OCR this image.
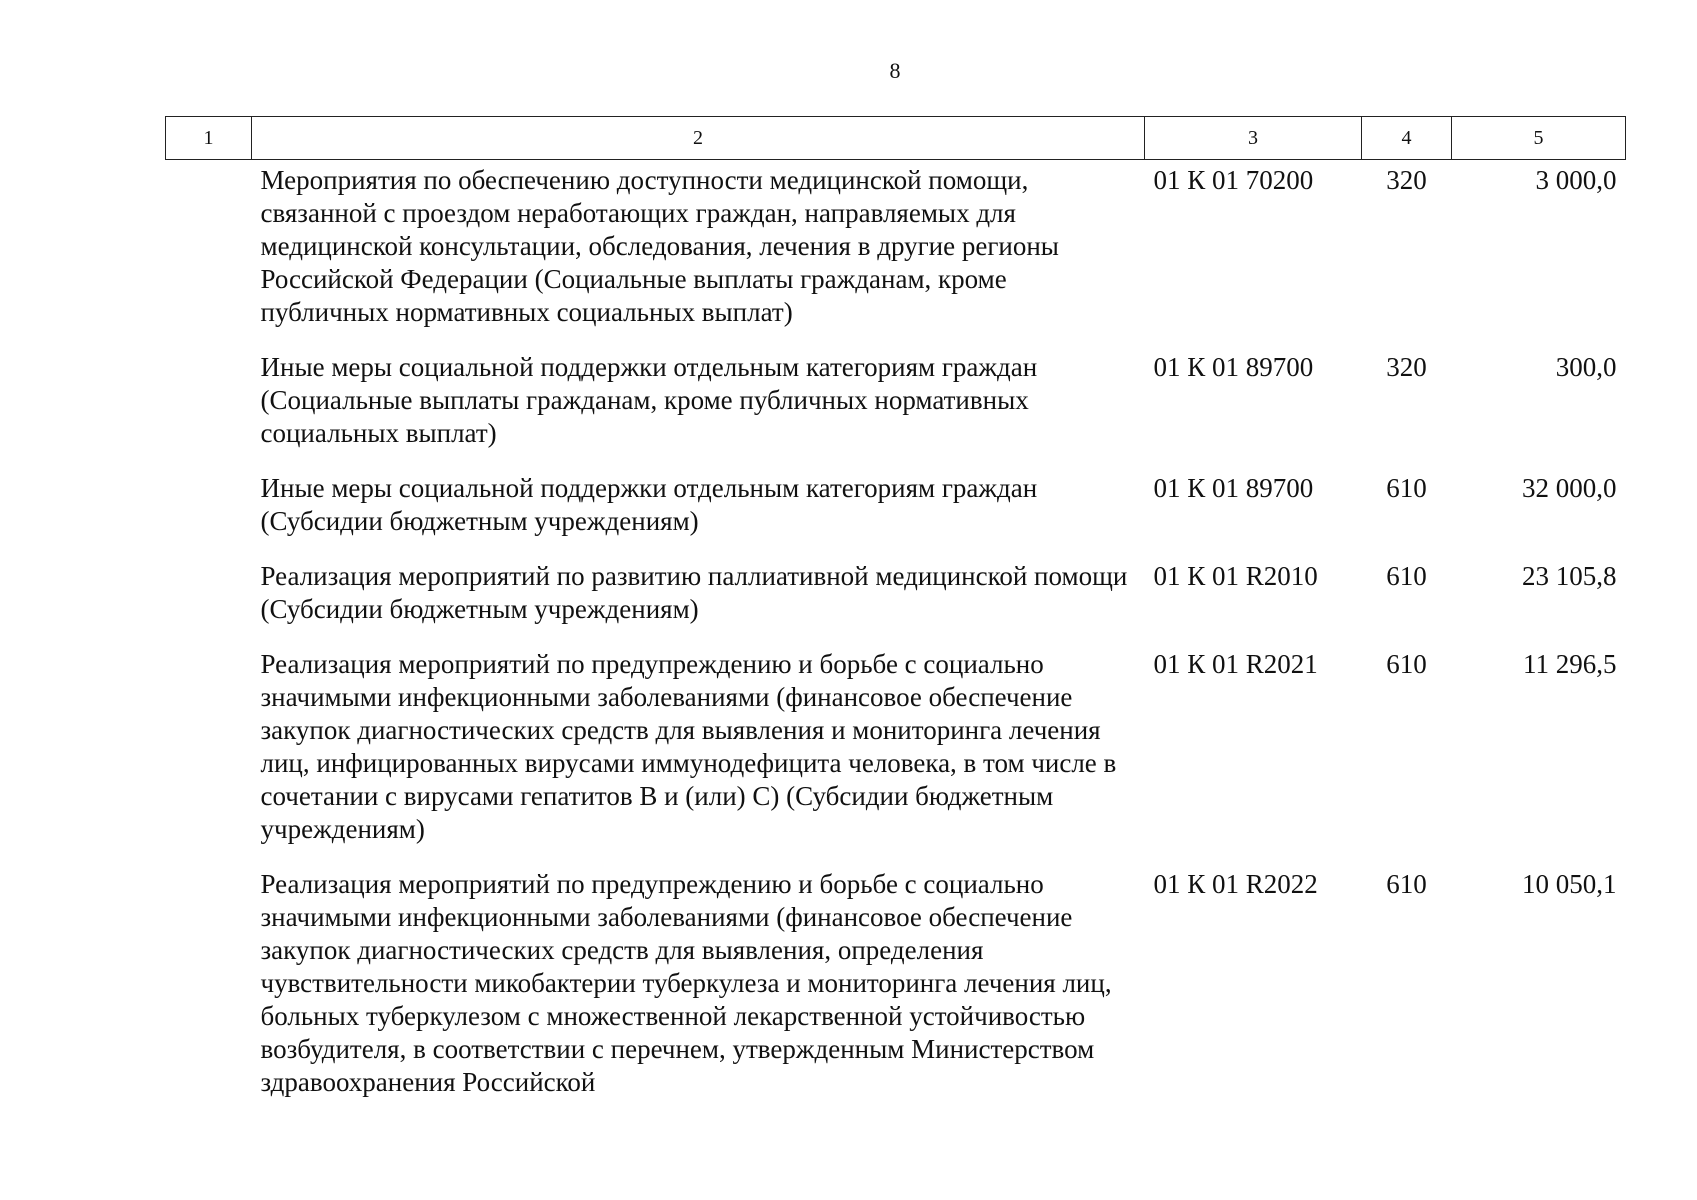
8
1	2	3	4	5
	Мероприятия по обеспечению доступности медицинской помощи, связанной с проездом неработающих граждан, направляемых для медицинской консультации, обследования, лечения в другие регионы Российской Федерации (Социальные выплаты гражданам, кроме публичных нормативных социальных выплат)	01 К 01 70200	320	3 000,0
	Иные меры социальной поддержки отдельным категориям граждан (Социальные выплаты гражданам, кроме публичных нормативных социальных выплат)	01 К 01 89700	320	300,0
	Иные меры социальной поддержки отдельным категориям граждан (Субсидии бюджетным учреждениям)	01 К 01 89700	610	32 000,0
	Реализация мероприятий по развитию паллиативной медицинской помощи (Субсидии бюджетным учреждениям)	01 К 01 R2010	610	23 105,8
	Реализация мероприятий по предупреждению и борьбе с социально значимыми инфекционными заболеваниями (финансовое обеспечение закупок диагностических средств для выявления и мониторинга лечения лиц, инфицированных вирусами иммунодефицита человека, в том числе в сочетании с вирусами гепатитов В и (или) С) (Субсидии бюджетным учреждениям)	01 К 01 R2021	610	11 296,5
	Реализация мероприятий по предупреждению и борьбе с социально значимыми инфекционными заболеваниями (финансовое обеспечение закупок диагностических средств для выявления, определения чувствительности микобактерии туберкулеза и мониторинга лечения лиц, больных туберкулезом с множественной лекарственной устойчивостью возбудителя, в соответствии с перечнем, утвержденным Министерством здравоохранения Российской	01 К 01 R2022	610	10 050,1
